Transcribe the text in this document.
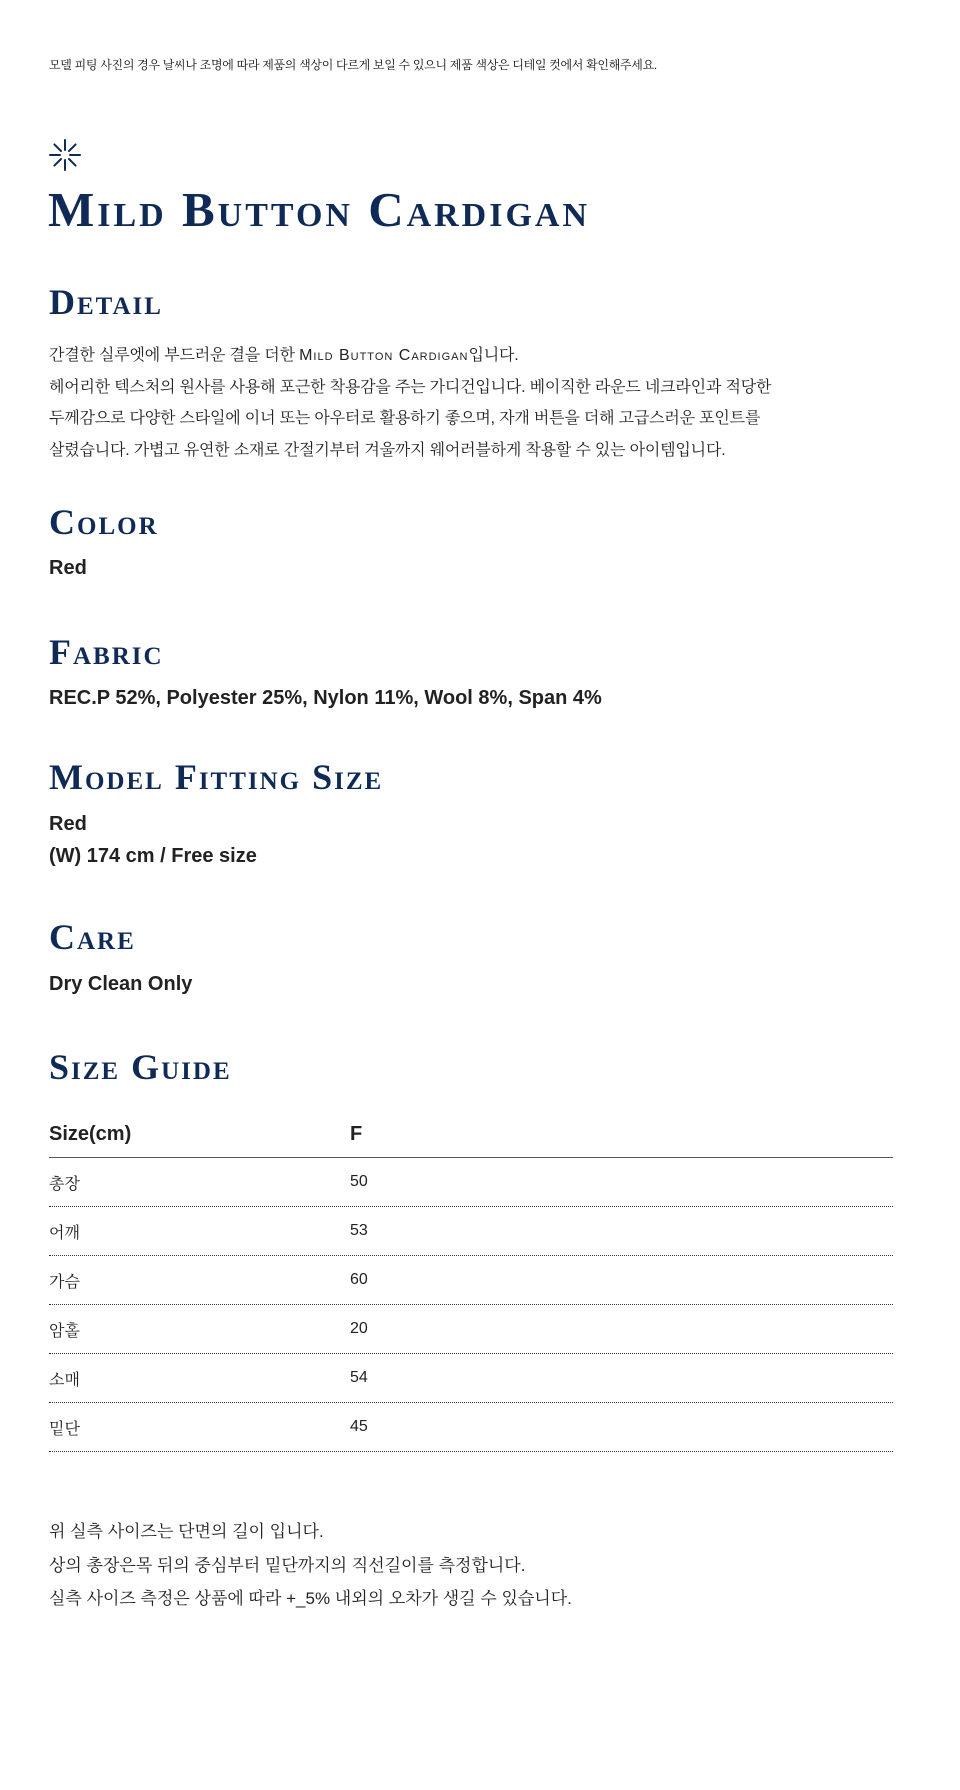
모델 피팅 사진의 경우 날씨나 조명에 따라 제품의 색상이 다르게 보일 수 있으니 제품 색상은 디테일 컷에서 확인해주세요.
Mild Button Cardigan
Detail
간결한 실루엣에 부드러운 결을 더한 Mild Button Cardigan입니다.
헤어리한 텍스처의 원사를 사용해 포근한 착용감을 주는 가디건입니다. 베이직한 라운드 네크라인과 적당한
두께감으로 다양한 스타일에 이너 또는 아우터로 활용하기 좋으며, 자개 버튼을 더해 고급스러운 포인트를
살렸습니다. 가볍고 유연한 소재로 간절기부터 겨울까지 웨어러블하게 착용할 수 있는 아이템입니다.
Color
Red
Fabric
REC.P 52%, Polyester 25%, Nylon 11%, Wool 8%, Span 4%
Model Fitting Size
Red
(W) 174 cm / Free size
Care
Dry Clean Only
Size Guide
Size(cm)	F
총장	50
어깨	53
가슴	60
암홀	20
소매	54
밑단	45
위 실측 사이즈는 단면의 길이 입니다.
상의 총장은목 뒤의 중심부터 밑단까지의 직선길이를 측정합니다.
실측 사이즈 측정은 상품에 따라 +_5% 내외의 오차가 생길 수 있습니다.
